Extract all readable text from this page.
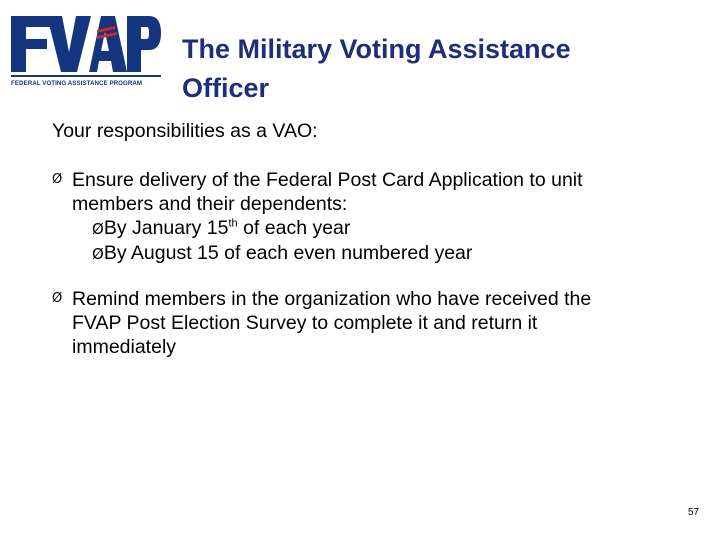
FEDERAL VOTING ASSISTANCE PROGRAM
The Military Voting Assistance
Officer
Your responsibilities as a VAO:
Ø Ensure delivery of the Federal Post Card Application to unit
members and their dependents:
ØBy January 15th of each year
ØBy August 15 of each even numbered year
Ø Remind members in the organization who have received the
FVAP Post Election Survey to complete it and return it
immediately
57
